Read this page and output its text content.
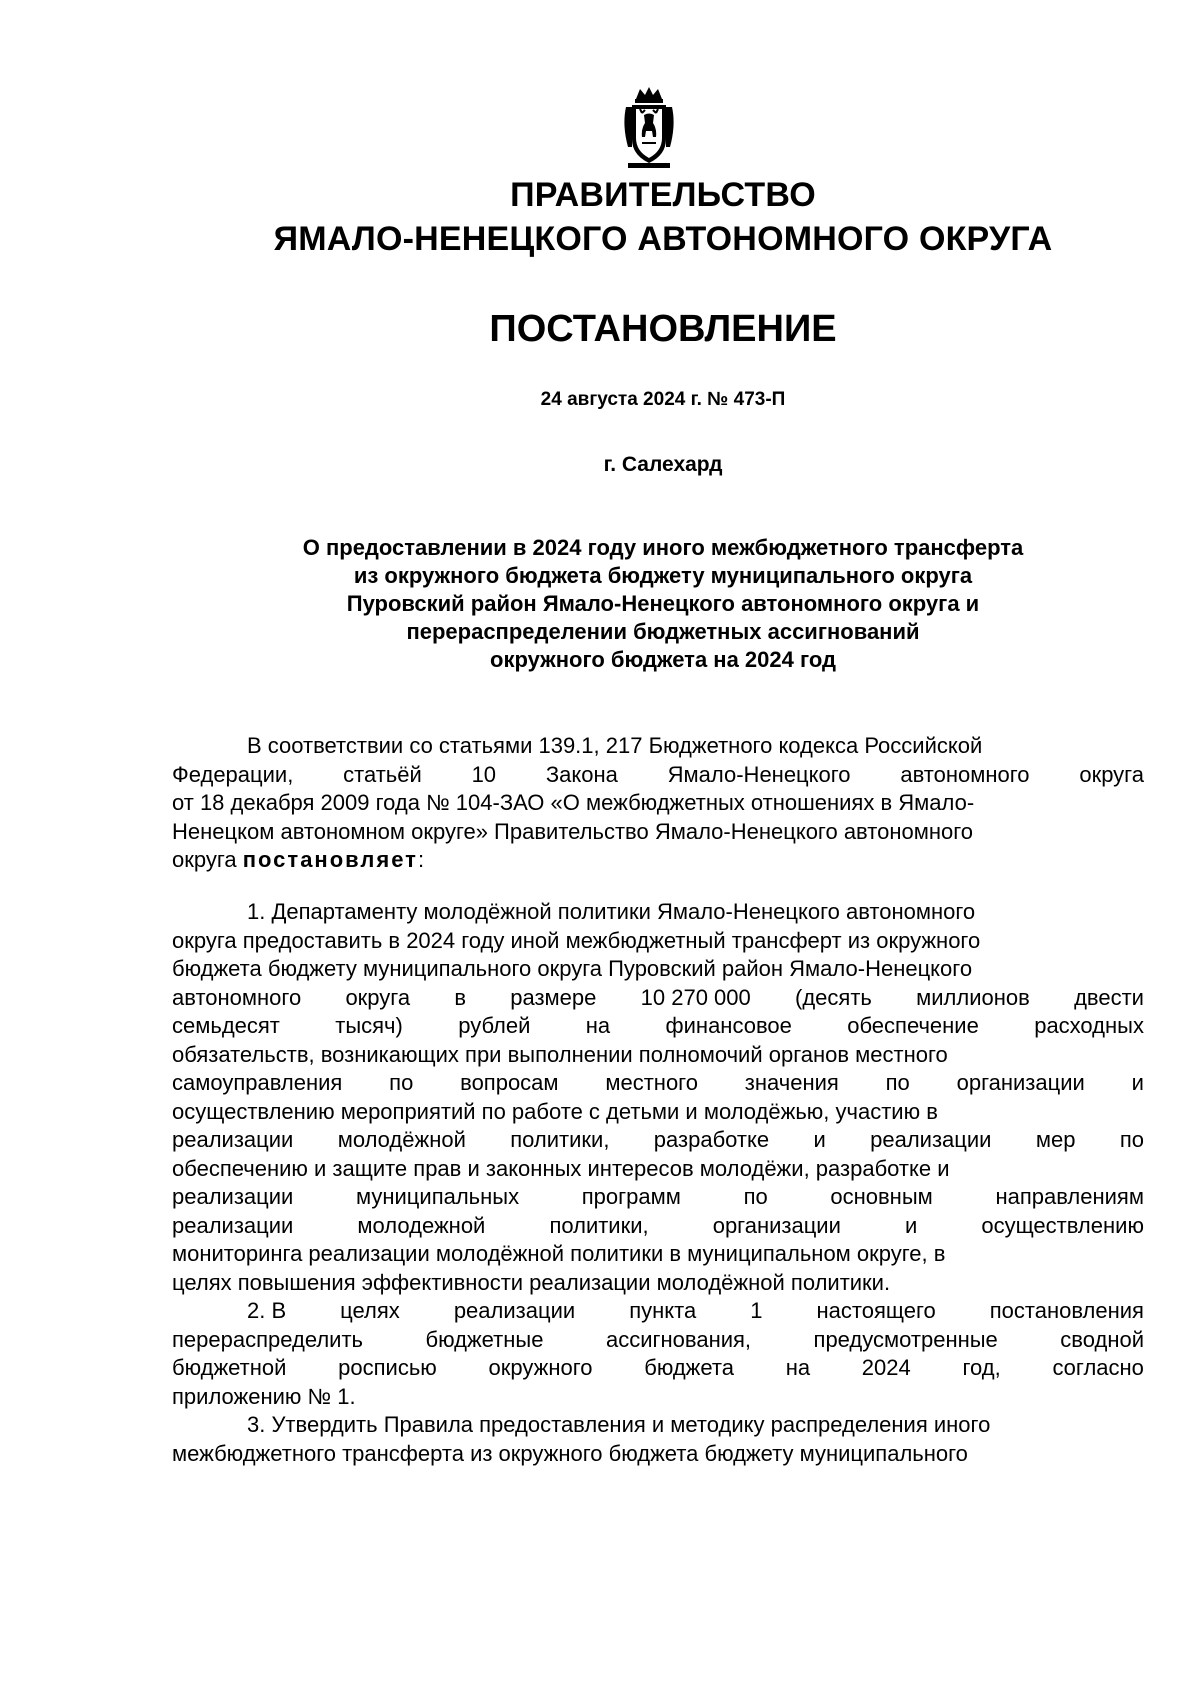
ПРАВИТЕЛЬСТВО
ЯМАЛО-НЕНЕЦКОГО АВТОНОМНОГО ОКРУГА
ПОСТАНОВЛЕНИЕ
24 августа 2024 г. № 473-П
г. Салехард
О предоставлении в 2024 году иного межбюджетного трансферта
из окружного бюджета бюджету муниципального округа
Пуровский район Ямало-Ненецкого автономного округа и
перераспределении бюджетных ассигнований
окружного бюджета на 2024 год
В соответствии со статьями 139.1, 217 Бюджетного кодекса Российской
Федерации, статьёй 10 Закона Ямало-Ненецкого автономного округа
от 18 декабря 2009 года № 104-ЗАО «О межбюджетных отношениях в Ямало-
Ненецком автономном округе» Правительство Ямало-Ненецкого автономного
округа постановляет:
1. Департаменту молодёжной политики Ямало-Ненецкого автономного
округа предоставить в 2024 году иной межбюджетный трансферт из окружного
бюджета бюджету муниципального округа Пуровский район Ямало-Ненецкого
автономного округа в размере 10 270 000 (десять миллионов двести
семьдесят	тысяч)	рублей	на	финансовое	обеспечение	расходных
обязательств, возникающих при выполнении полномочий органов местного
самоуправления по вопросам местного значения по организации и
осуществлению мероприятий по работе с детьми и молодёжью, участию в
реализации молодёжной политики, разработке и реализации мер по
обеспечению и защите прав и законных интересов молодёжи, разработке и
реализации	муниципальных	программ	по	основным	направлениям
реализации	молодежной	политики,	организации	и	осуществлению
мониторинга реализации молодёжной политики в муниципальном округе, в
целях повышения эффективности реализации молодёжной политики.
2. В целях реализации пункта 1 настоящего постановления
перераспределить	бюджетные	ассигнования,	предусмотренные	сводной
бюджетной росписью окружного бюджета на 2024 год, согласно
приложению № 1.
3. Утвердить Правила предоставления и методику распределения иного
межбюджетного трансферта из окружного бюджета бюджету муниципального
